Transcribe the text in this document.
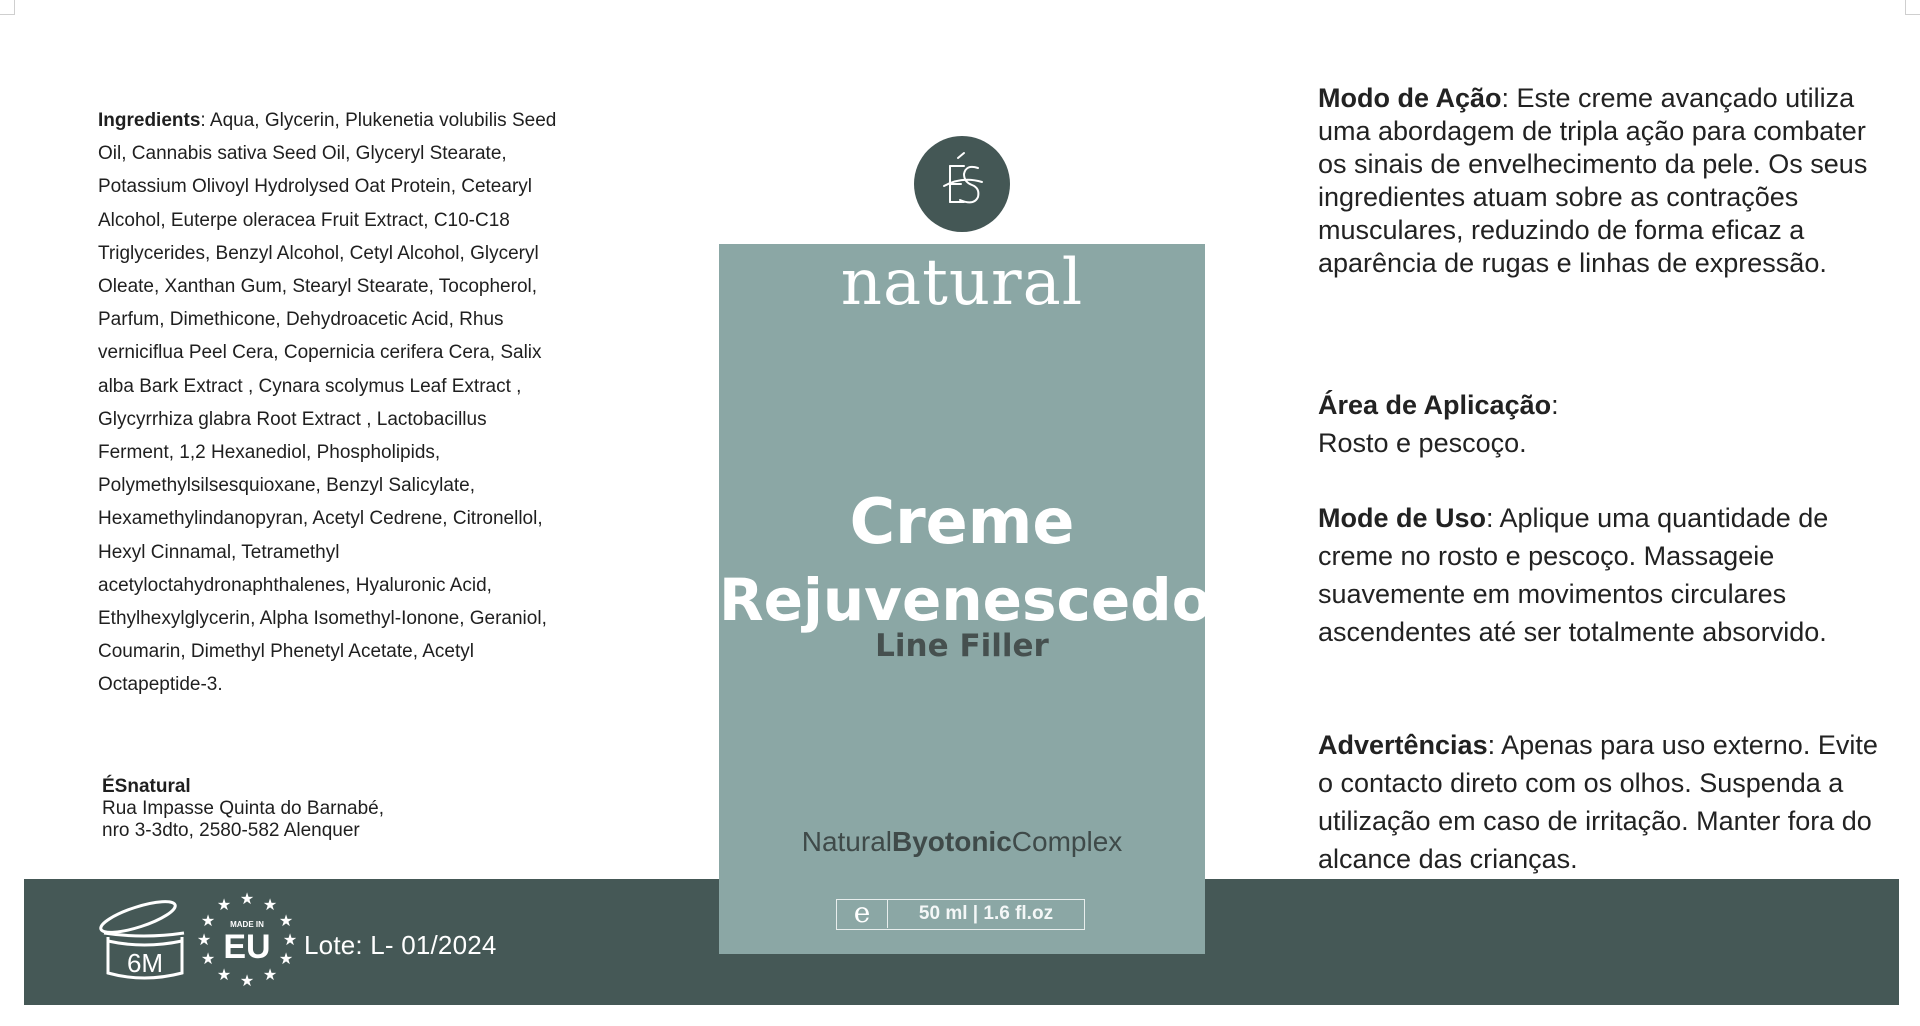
Ingredients: Aqua, Glycerin, Plukenetia volubilis Seed Oil, Cannabis sativa Seed Oil, Glyceryl Stearate, Potassium Olivoyl Hydrolysed Oat Protein, Cetearyl Alcohol, Euterpe oleracea Fruit Extract, C10-C18 Triglycerides, Benzyl Alcohol, Cetyl Alcohol, Glyceryl Oleate, Xanthan Gum, Stearyl Stearate, Tocopherol, Parfum, Dimethicone, Dehydroacetic Acid, Rhus verniciflua Peel Cera, Copernicia cerifera Cera, Salix alba Bark Extract , Cynara scolymus Leaf Extract , Glycyrrhiza glabra Root Extract , Lactobacillus Ferment, 1,2 Hexanediol, Phospholipids, Polymethylsilsesquioxane, Benzyl Salicylate, Hexamethylindanopyran, Acetyl Cedrene, Citronellol, Hexyl Cinnamal, Tetramethyl acetyloctahydronaphthalenes, Hyaluronic Acid, Ethylhexylglycerin, Alpha Isomethyl-Ionone, Geraniol, Coumarin, Dimethyl Phenetyl Acetate, Acetyl Octapeptide-3.
ÉSnatural
Rua Impasse Quinta do Barnabé,
nro 3-3dto, 2580-582 Alenquer
6M
★ ★
★
★
★
★
★
★
★
★
★
★
MADE IN
EU Lote: L- 01/2024
natural
Creme
Rejuvenescedor
Line Filler
NaturalByotonicComplex
e	50 ml | 1.6 fl.oz
Modo de Ação: Este creme avançado utiliza uma abordagem de tripla ação para combater os sinais de envelhecimento da pele. Os seus ingredientes atuam sobre as contrações musculares, reduzindo de forma eficaz a aparência de rugas e linhas de expressão.
Área de Aplicação:
Rosto e pescoço.
Mode de Uso: Aplique uma quantidade de creme no rosto e pescoço. Massageie suavemente em movimentos circulares ascendentes até ser totalmente absorvido.
Advertências: Apenas para uso externo. Evite o contacto direto com os olhos. Suspenda a utilização em caso de irritação. Manter fora do alcance das crianças.
